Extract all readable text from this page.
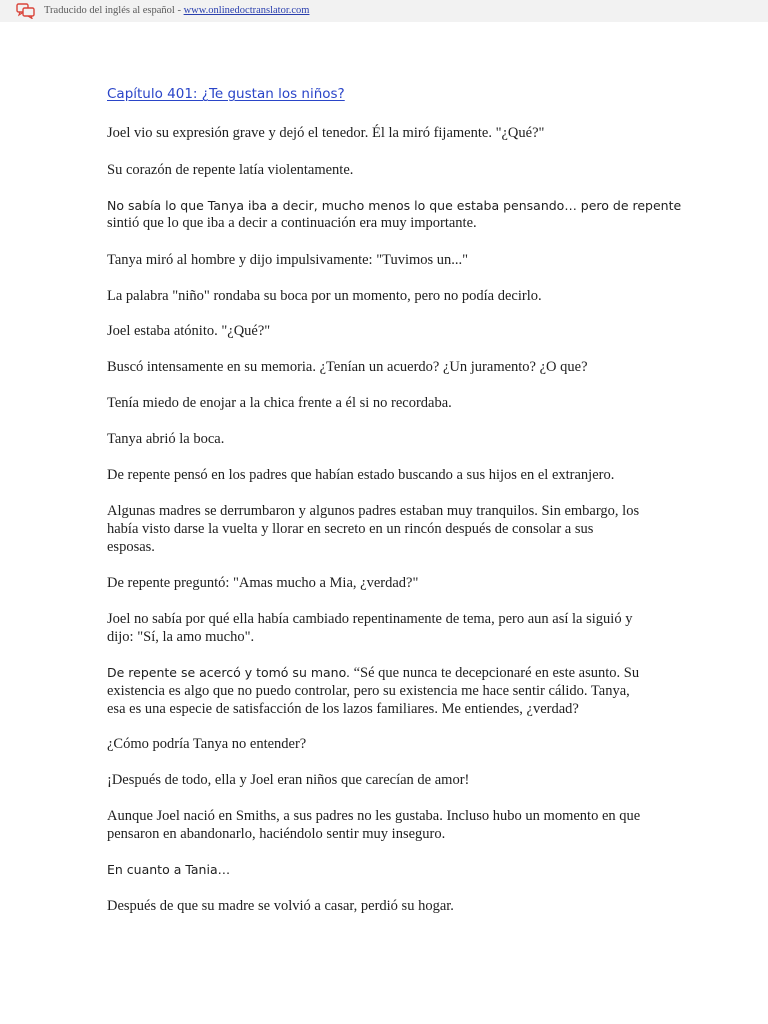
Traducido del inglés al español - www.onlinedoctranslator.com
Capítulo 401: ¿Te gustan los niños?

Joel vio su expresión grave y dejó el tenedor. Él la miró fijamente. "¿Qué?"

Su corazón de repente latía violentamente.

No sabía lo que Tanya iba a decir, mucho menos lo que estaba pensando… pero de repente

sintió que lo que iba a decir a continuación era muy importante.

Tanya miró al hombre y dijo impulsivamente: "Tuvimos un..."

La palabra "niño" rondaba su boca por un momento, pero no podía decirlo.

Joel estaba atónito. "¿Qué?"

Buscó intensamente en su memoria. ¿Tenían un acuerdo? ¿Un juramento? ¿O que?

Tenía miedo de enojar a la chica frente a él si no recordaba.

Tanya abrió la boca.

De repente pensó en los padres que habían estado buscando a sus hijos en el extranjero.

Algunas madres se derrumbaron y algunos padres estaban muy tranquilos. Sin embargo, los

había visto darse la vuelta y llorar en secreto en un rincón después de consolar a sus

esposas.

De repente preguntó: "Amas mucho a Mia, ¿verdad?"

Joel no sabía por qué ella había cambiado repentinamente de tema, pero aun así la siguió y

dijo: "Sí, la amo mucho".

De repente se acercó y tomó su mano. “Sé que nunca te decepcionaré en este asunto. Su

existencia es algo que no puedo controlar, pero su existencia me hace sentir cálido. Tanya,

esa es una especie de satisfacción de los lazos familiares. Me entiendes, ¿verdad?

¿Cómo podría Tanya no entender?

¡Después de todo, ella y Joel eran niños que carecían de amor!

Aunque Joel nació en Smiths, a sus padres no les gustaba. Incluso hubo un momento en que

pensaron en abandonarlo, haciéndolo sentir muy inseguro.

En cuanto a Tania…

Después de que su madre se volvió a casar, perdió su hogar.
